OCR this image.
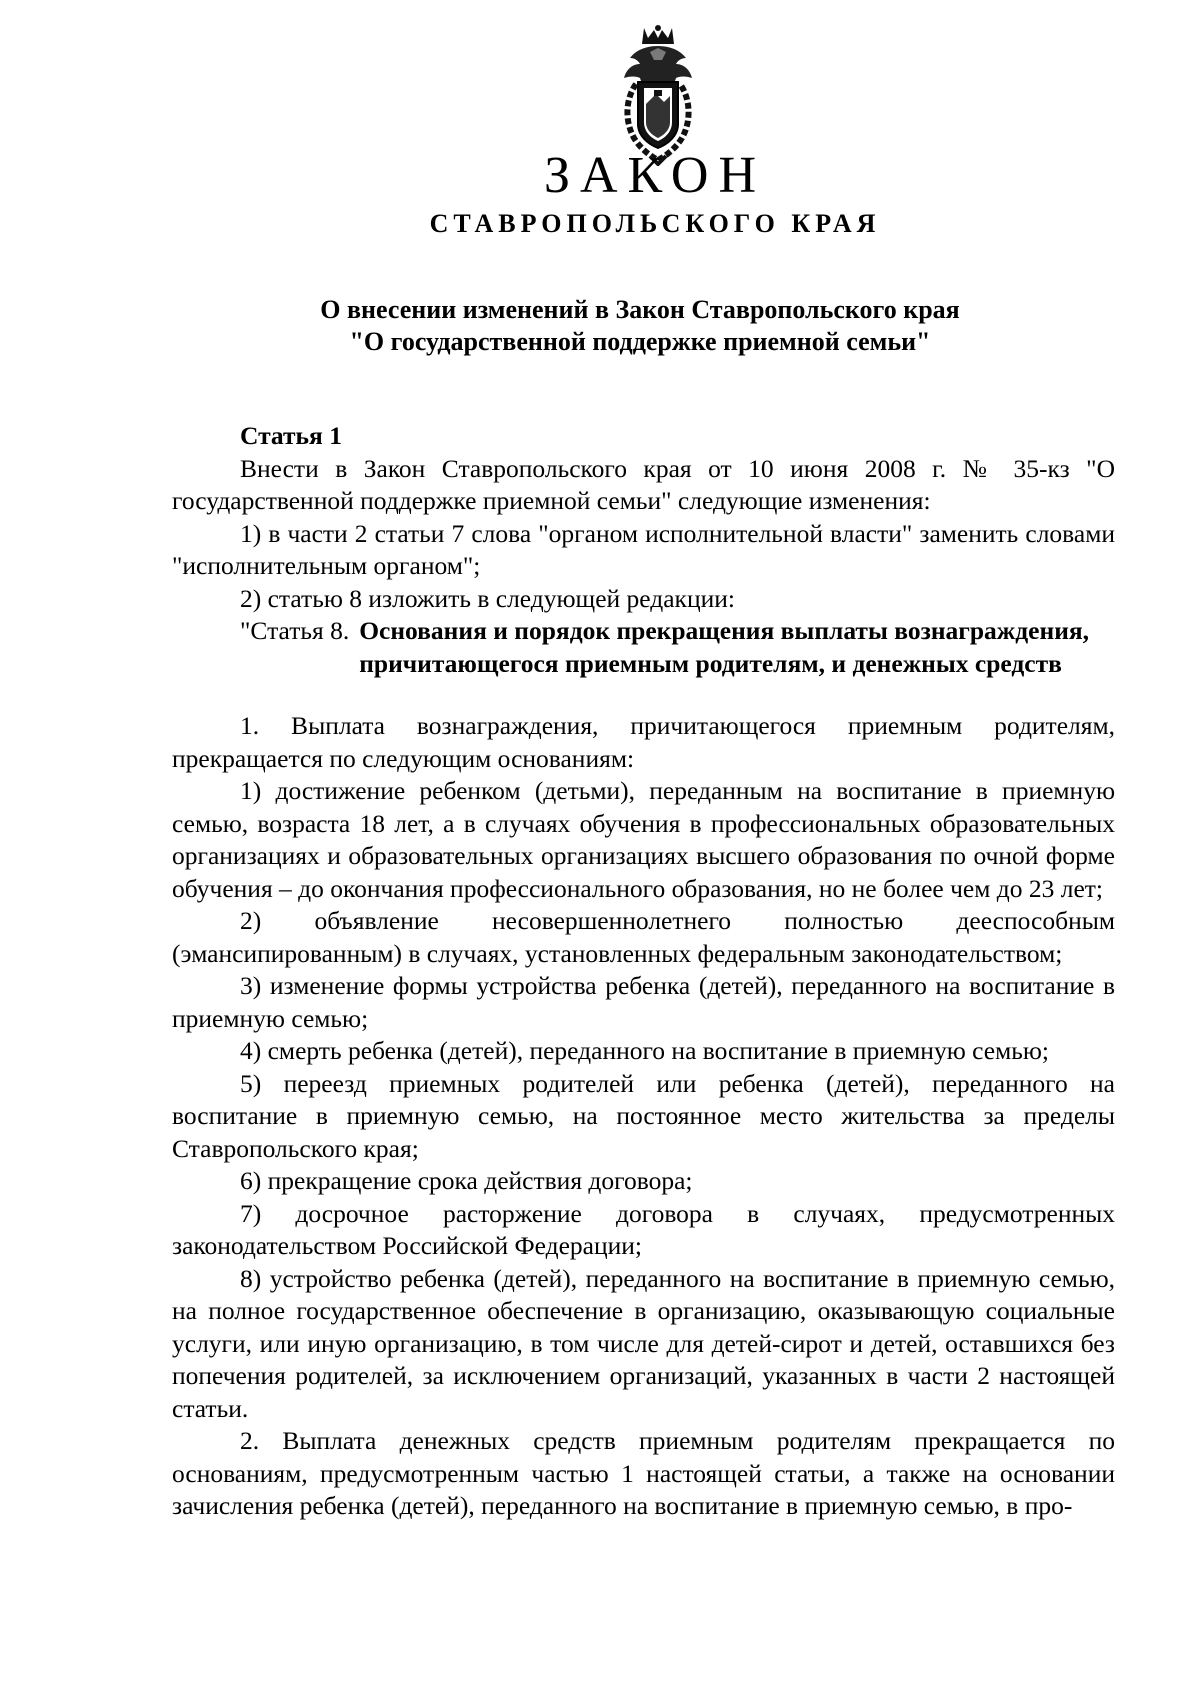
ЗАКОН
СТАВРОПОЛЬСКОГО КРАЯ
О внесении изменений в Закон Ставропольского края
"О государственной поддержке приемной семьи"
Статья 1

Внести в Закон Ставропольского края от 10 июня 2008 г. № 35-кз "О государственной поддержке приемной семьи" следующие изменения:

1) в части 2 статьи 7 слова "органом исполнительной власти" заменить словами "исполнительным органом";

2) статью 8 изложить в следующей редакции:

"Статья 8. Основания и порядок прекращения выплаты вознаграждения, причитающегося приемным родителям, и денежных средств

1. Выплата вознаграждения, причитающегося приемным родителям, прекращается по следующим основаниям:

1) достижение ребенком (детьми), переданным на воспитание в приемную семью, возраста 18 лет, а в случаях обучения в профессиональных образовательных организациях и образовательных организациях высшего образования по очной форме обучения – до окончания профессионального образования, но не более чем до 23 лет;

2) объявление несовершеннолетнего полностью дееспособным (эмансипированным) в случаях, установленных федеральным законодательством;

3) изменение формы устройства ребенка (детей), переданного на воспитание в приемную семью;

4) смерть ребенка (детей), переданного на воспитание в приемную семью;

5) переезд приемных родителей или ребенка (детей), переданного на воспитание в приемную семью, на постоянное место жительства за пределы Ставропольского края;

6) прекращение срока действия договора;

7) досрочное расторжение договора в случаях, предусмотренных законодательством Российской Федерации;

8) устройство ребенка (детей), переданного на воспитание в приемную семью, на полное государственное обеспечение в организацию, оказывающую социальные услуги, или иную организацию, в том числе для детей-сирот и детей, оставшихся без попечения родителей, за исключением организаций, указанных в части 2 настоящей статьи.

2. Выплата денежных средств приемным родителям прекращается по основаниям, предусмотренным частью 1 настоящей статьи, а также на основании зачисления ребенка (детей), переданного на воспитание в приемную семью, в про-
